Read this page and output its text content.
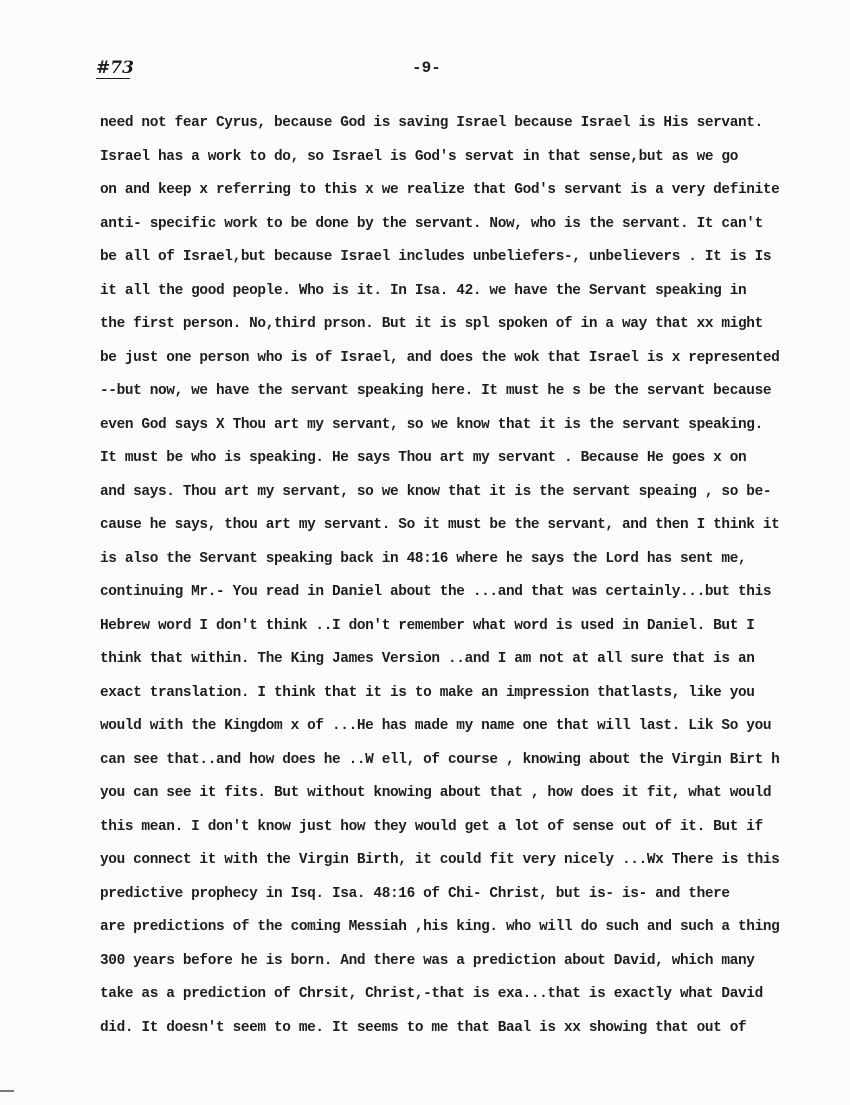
#73	-9-
need not fear Cyrus, because God is saving Israel because Israel is His servant.
Israel has a work to do, so Israel is God's servat in that sense,but as we go
on and keep x referring to this x we realize that God's servant is a very definite
anti- specific work to be done by the servant. Now, who is the servant. It can't
be all of Israel,but because Israel includes unbeliefers-, unbelievers . It is Is
it all the good people. Who is it. In Isa. 42. we have the Servant speaking in
the first person. No,third prson. But it is spl spoken of in a way that xx might
be just one person who is of Israel, and does the wok that Israel is x represented
--but now, we have the servant speaking here. It must he s be the servant because
even God says X Thou art my servant, so we know that it is the servant speaking.
It must be who is speaking. He says Thou art my servant . Because He goes x on
and says. Thou art my servant, so we know that it is the servant speaing , so be-
cause he says, thou art my servant. So it must be the servant, and then I think it
is also the Servant speaking back in 48:16 where he says the Lord has sent me,
continuing Mr.- You read in Daniel about the ...and that was certainly...but this
Hebrew word I don't think ..I don't remember what word is used in Daniel. But I
think that within. The King James Version ..and I am not at all sure that is an
exact translation. I think that it is to make an impression thatlasts, like you
would with the Kingdom x of ...He has made my name one that will last. Lik So you
can see that..and how does he ..W ell, of course , knowing about the Virgin Birt h
you can see it fits. But without knowing about that , how does it fit, what would
this mean. I don't know just how they would get a lot of sense out of it. But if
you connect it with the Virgin Birth, it could fit very nicely ...Wx There is this
predictive prophecy in Isq. Isa. 48:16 of Chi- Christ, but is- is- and there
are predictions of the coming Messiah ,his king. who will do such and such a thing
300 years before he is born. And there was a prediction about David, which many
take as a prediction of Chrsit, Christ,-that is exa...that is exactly what David
did. It doesn't seem to me. It seems to me that Baal is xx showing that out of
